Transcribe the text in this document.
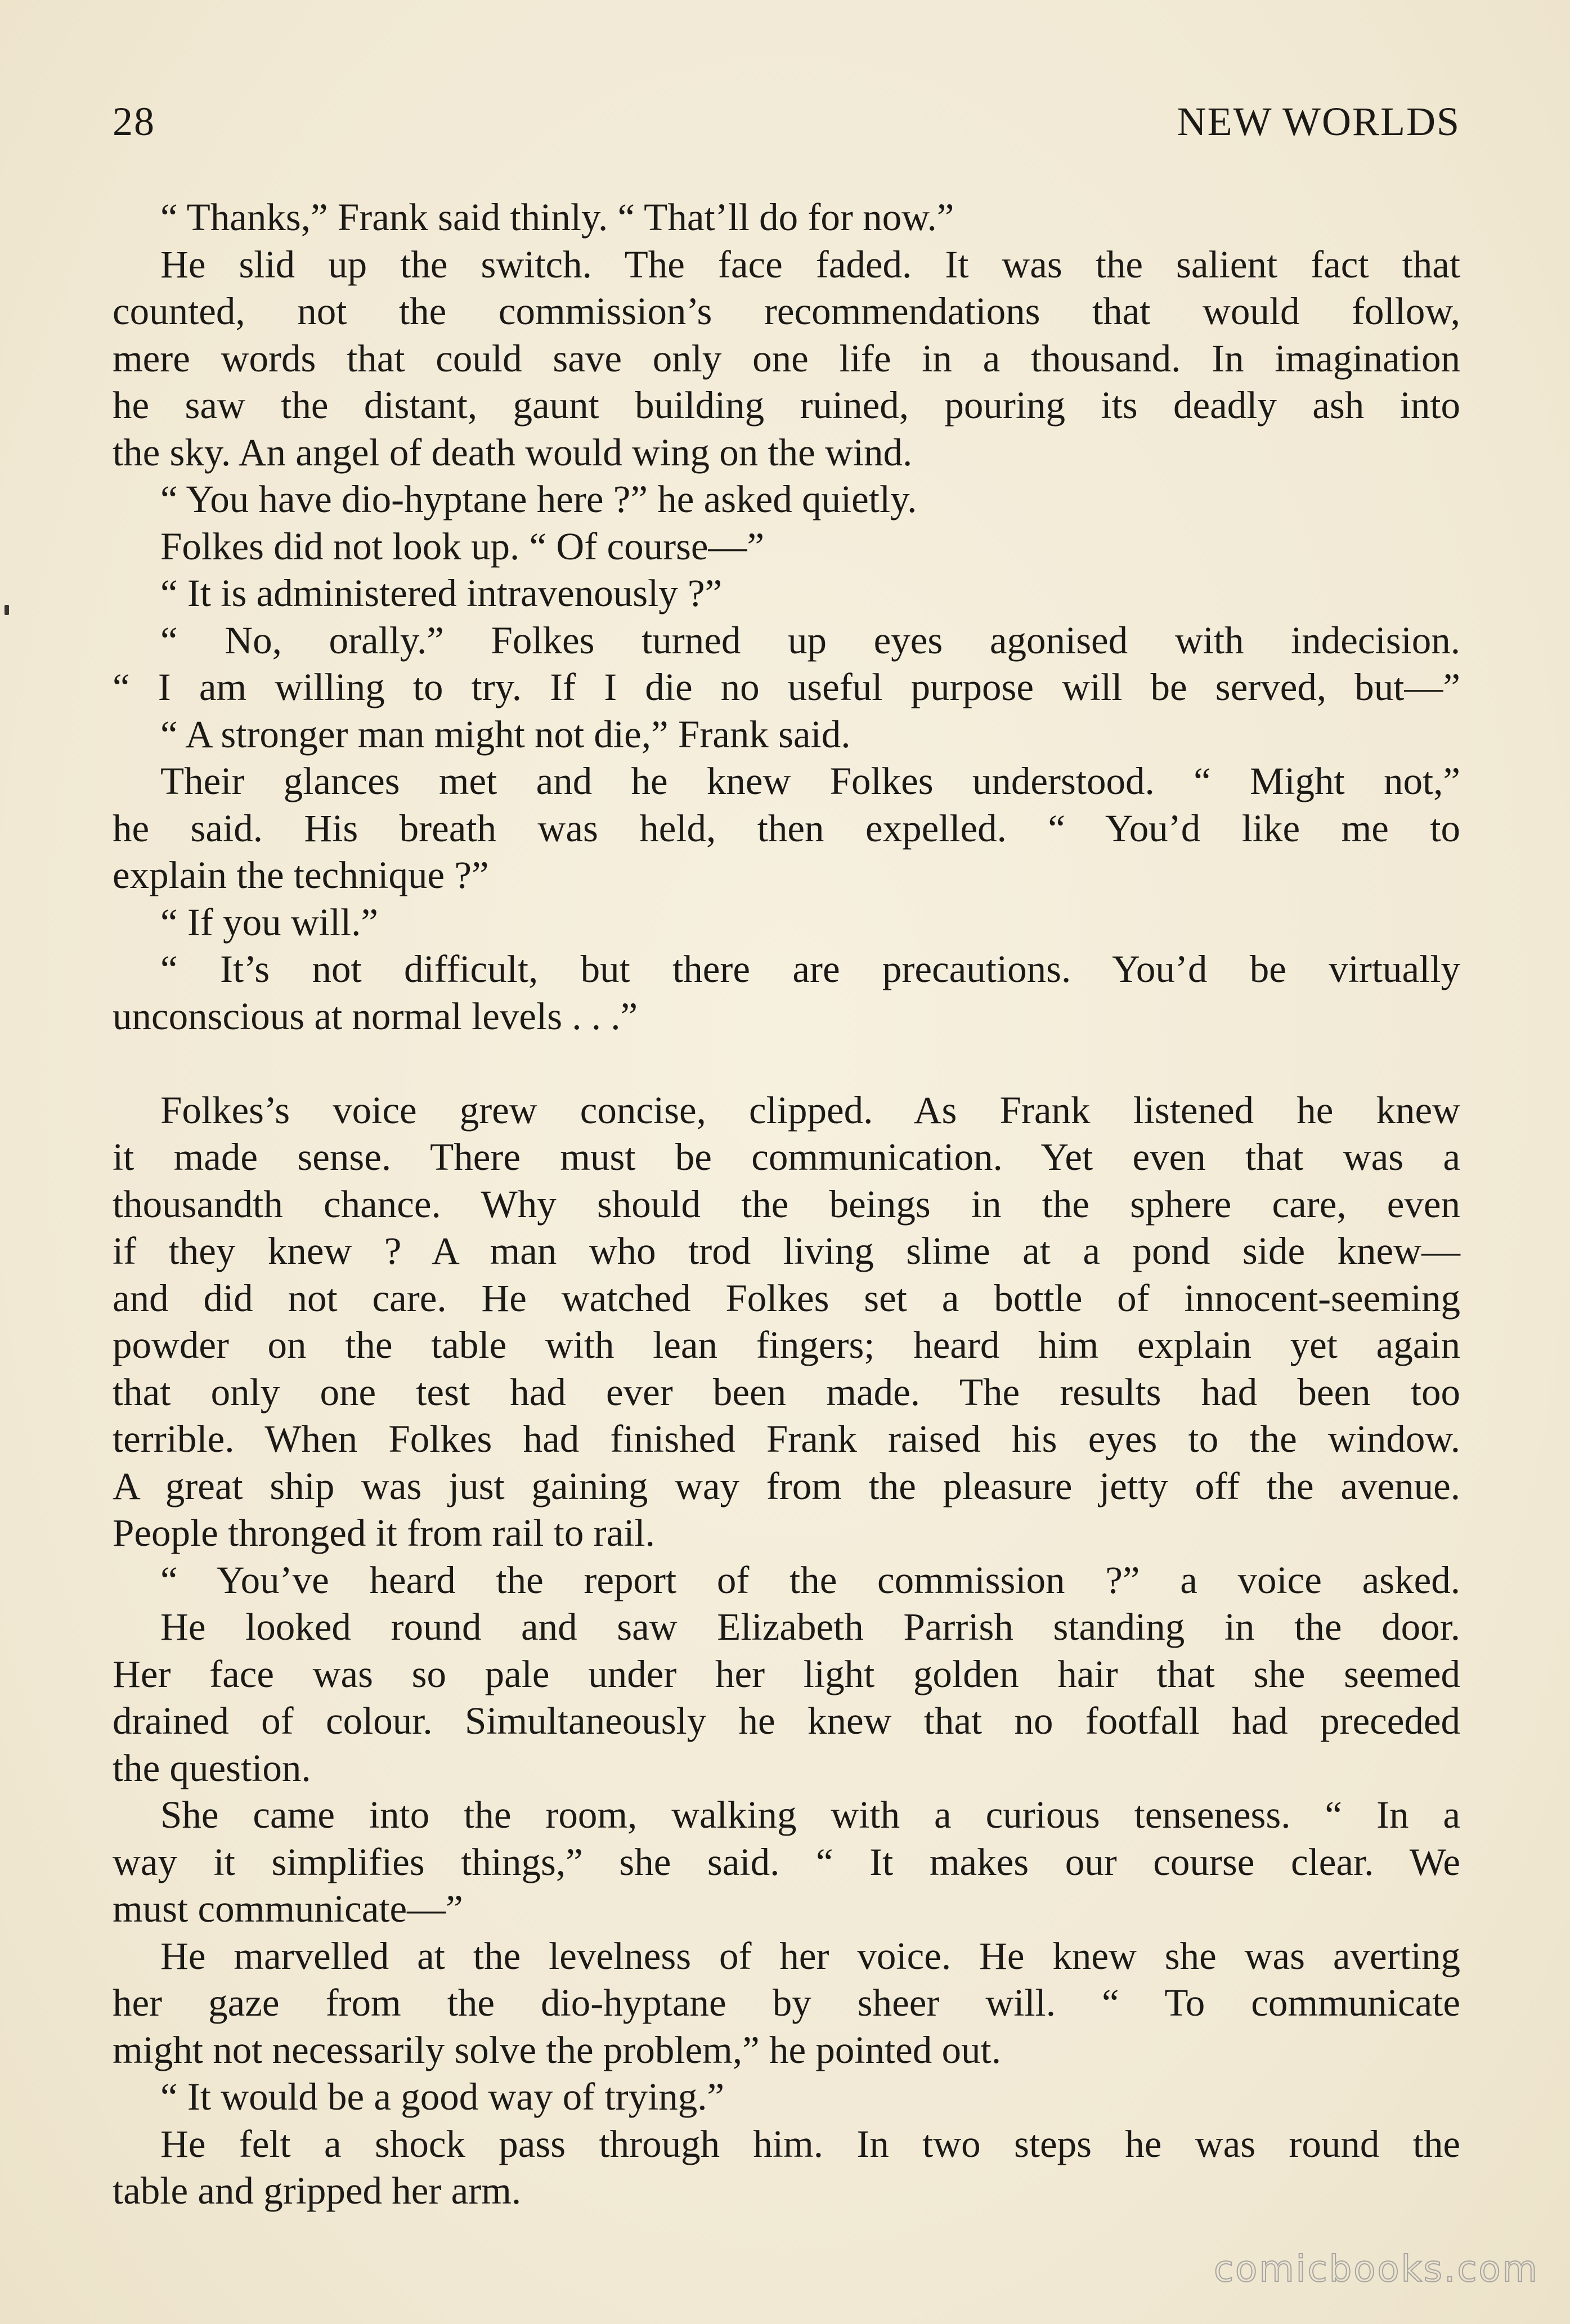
28	NEW WORLDS
“ Thanks,” Frank said thinly. “ That’ll do for now.”
He slid up the switch. The face faded. It was the salient fact that
counted, not the commission’s recommendations that would follow,
mere words that could save only one life in a thousand. In imagination
he saw the distant, gaunt building ruined, pouring its deadly ash into
the sky. An angel of death would wing on the wind.
“ You have dio-hyptane here ?” he asked quietly.
Folkes did not look up. “ Of course—”
“ It is administered intravenously ?”
“ No, orally.” Folkes turned up eyes agonised with indecision.
“ I am willing to try. If I die no useful purpose will be served, but—”
“ A stronger man might not die,” Frank said.
Their glances met and he knew Folkes understood. “ Might not,”
he said. His breath was held, then expelled. “ You’d like me to
explain the technique ?”
“ If you will.”
“ It’s not difficult, but there are precautions. You’d be virtually
unconscious at normal levels . . .”
Folkes’s voice grew concise, clipped. As Frank listened he knew
it made sense. There must be communication. Yet even that was a
thousandth chance. Why should the beings in the sphere care, even
if they knew ? A man who trod living slime at a pond side knew—
and did not care. He watched Folkes set a bottle of innocent-seeming
powder on the table with lean fingers; heard him explain yet again
that only one test had ever been made. The results had been too
terrible. When Folkes had finished Frank raised his eyes to the window.
A great ship was just gaining way from the pleasure jetty off the avenue.
People thronged it from rail to rail.
“ You’ve heard the report of the commission ?” a voice asked.
He looked round and saw Elizabeth Parrish standing in the door.
Her face was so pale under her light golden hair that she seemed
drained of colour. Simultaneously he knew that no footfall had preceded
the question.
She came into the room, walking with a curious tenseness. “ In a
way it simplifies things,” she said. “ It makes our course clear. We
must communicate—”
He marvelled at the levelness of her voice. He knew she was averting
her gaze from the dio-hyptane by sheer will. “ To communicate
might not necessarily solve the problem,” he pointed out.
“ It would be a good way of trying.”
He felt a shock pass through him. In two steps he was round the
table and gripped her arm.
comicbooks.com
